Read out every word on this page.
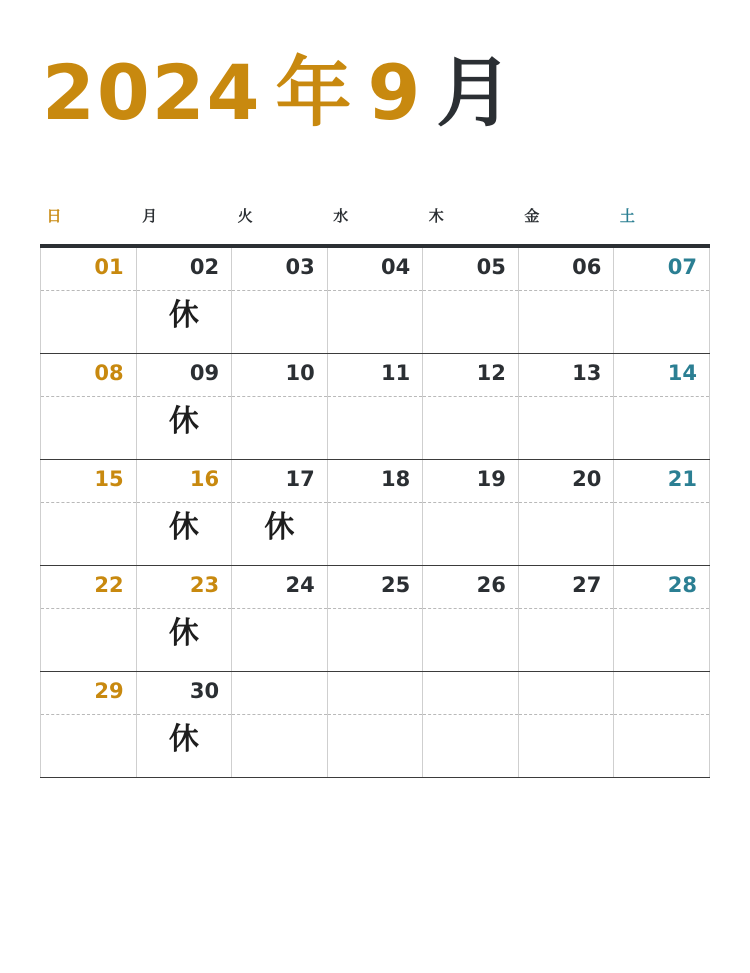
2024 年 9 月
日	月	火	水	木	金	土

01	02	03	04	05	06	07

	休					

08	09	10	11	12	13	14

	休					

15	16	17	18	19	20	21

	休	休				

22	23	24	25	26	27	28

	休					

29	30					

	休					
